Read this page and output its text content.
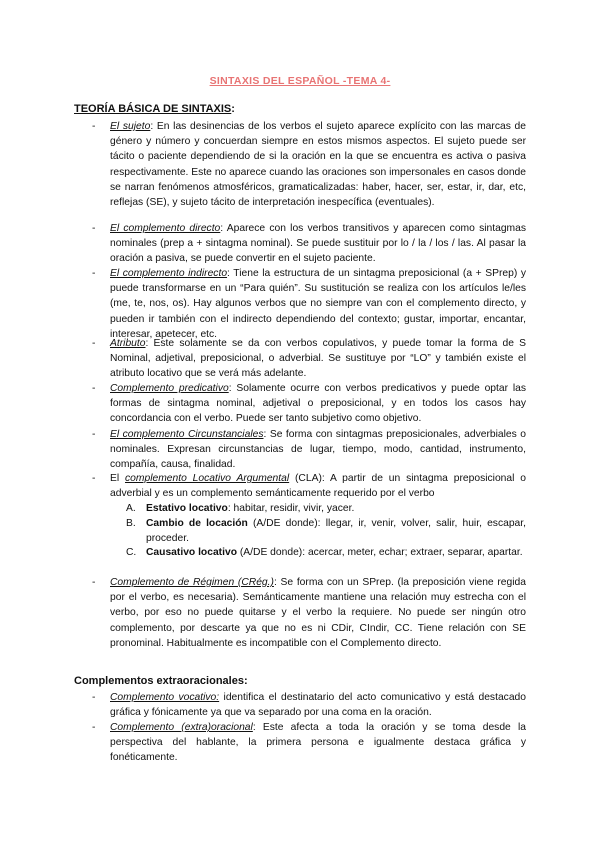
SINTAXIS DEL ESPAÑOL -TEMA 4-
TEORÍA BÁSICA DE SINTAXIS:
- El sujeto: En las desinencias de los verbos el sujeto aparece explícito con las marcas de género y número y concuerdan siempre en estos mismos aspectos. El sujeto puede ser tácito o paciente dependiendo de si la oración en la que se encuentra es activa o pasiva respectivamente. Este no aparece cuando las oraciones son impersonales en casos donde se narran fenómenos atmosféricos, gramaticalizadas: haber, hacer, ser, estar, ir, dar, etc, reflejas (SE), y sujeto tácito de interpretación inespecífica (eventuales).
- El complemento directo: Aparece con los verbos transitivos y aparecen como sintagmas nominales (prep a + sintagma nominal). Se puede sustituir por lo / la / los / las. Al pasar la oración a pasiva, se puede convertir en el sujeto paciente.
- El complemento indirecto: Tiene la estructura de un sintagma preposicional (a + SPrep) y puede transformarse en un “Para quién”. Su sustitución se realiza con los artículos le/les (me, te, nos, os). Hay algunos verbos que no siempre van con el complemento directo, y pueden ir también con el indirecto dependiendo del contexto; gustar, importar, encantar, interesar, apetecer, etc.
- Atributo: Este solamente se da con verbos copulativos, y puede tomar la forma de S Nominal, adjetival, preposicional, o adverbial. Se sustituye por “LO” y también existe el atributo locativo que se verá más adelante.
- Complemento predicativo: Solamente ocurre con verbos predicativos y puede optar las formas de sintagma nominal, adjetival o preposicional, y en todos los casos hay concordancia con el verbo. Puede ser tanto subjetivo como objetivo.
- El complemento Circunstanciales: Se forma con sintagmas preposicionales, adverbiales o nominales. Expresan circunstancias de lugar, tiempo, modo, cantidad, instrumento, compañía, causa, finalidad.
- El complemento Locativo Argumental (CLA): A partir de un sintagma preposicional o adverbial y es un complemento semánticamente requerido por el verbo
A. Estativo locativo: habitar, residir, vivir, yacer.
B. Cambio de locación (A/DE donde): llegar, ir, venir, volver, salir, huir, escapar, proceder.
C. Causativo locativo (A/DE donde): acercar, meter, echar; extraer, separar, apartar.
- Complemento de Régimen (CRég.): Se forma con un SPrep. (la preposición viene regida por el verbo, es necesaria). Semánticamente mantiene una relación muy estrecha con el verbo, por eso no puede quitarse y el verbo la requiere. No puede ser ningún otro complemento, por descarte ya que no es ni CDir, CIndir, CC. Tiene relación con SE pronominal. Habitualmente es incompatible con el Complemento directo.
Complementos extraoracionales:
- Complemento vocativo: identifica el destinatario del acto comunicativo y está destacado gráfica y fónicamente ya que va separado por una coma en la oración.
- Complemento (extra)oracional: Este afecta a toda la oración y se toma desde la perspectiva del hablante, la primera persona e igualmente destaca gráfica y fonéticamente.
